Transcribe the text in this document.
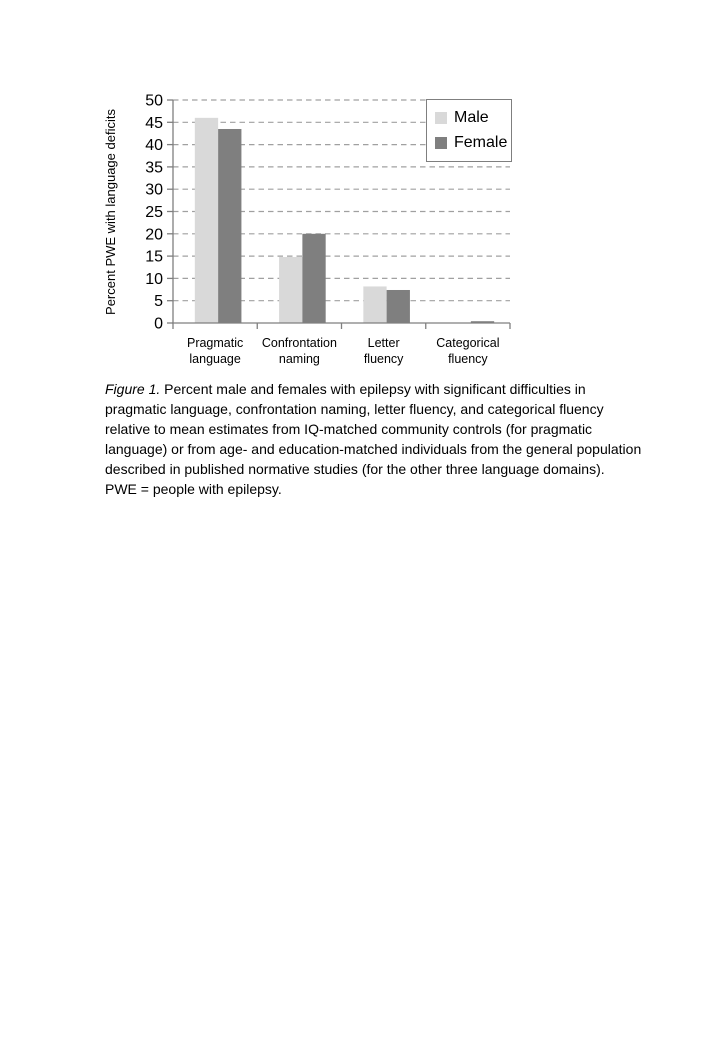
0
5
10
15
20
25
30
35
40
45
50
Pragmatic language
Confrontation naming
Letter fluency
Categorical fluency
Percent PWE with language deficits	Male
Female

Figure 1. Percent male and females with epilepsy with significant difficulties in pragmatic language, confrontation naming, letter fluency, and categorical fluency relative to mean estimates from IQ-matched community controls (for pragmatic language) or from age- and education-matched individuals from the general population described in published normative studies (for the other three language domains).

PWE = people with epilepsy.
